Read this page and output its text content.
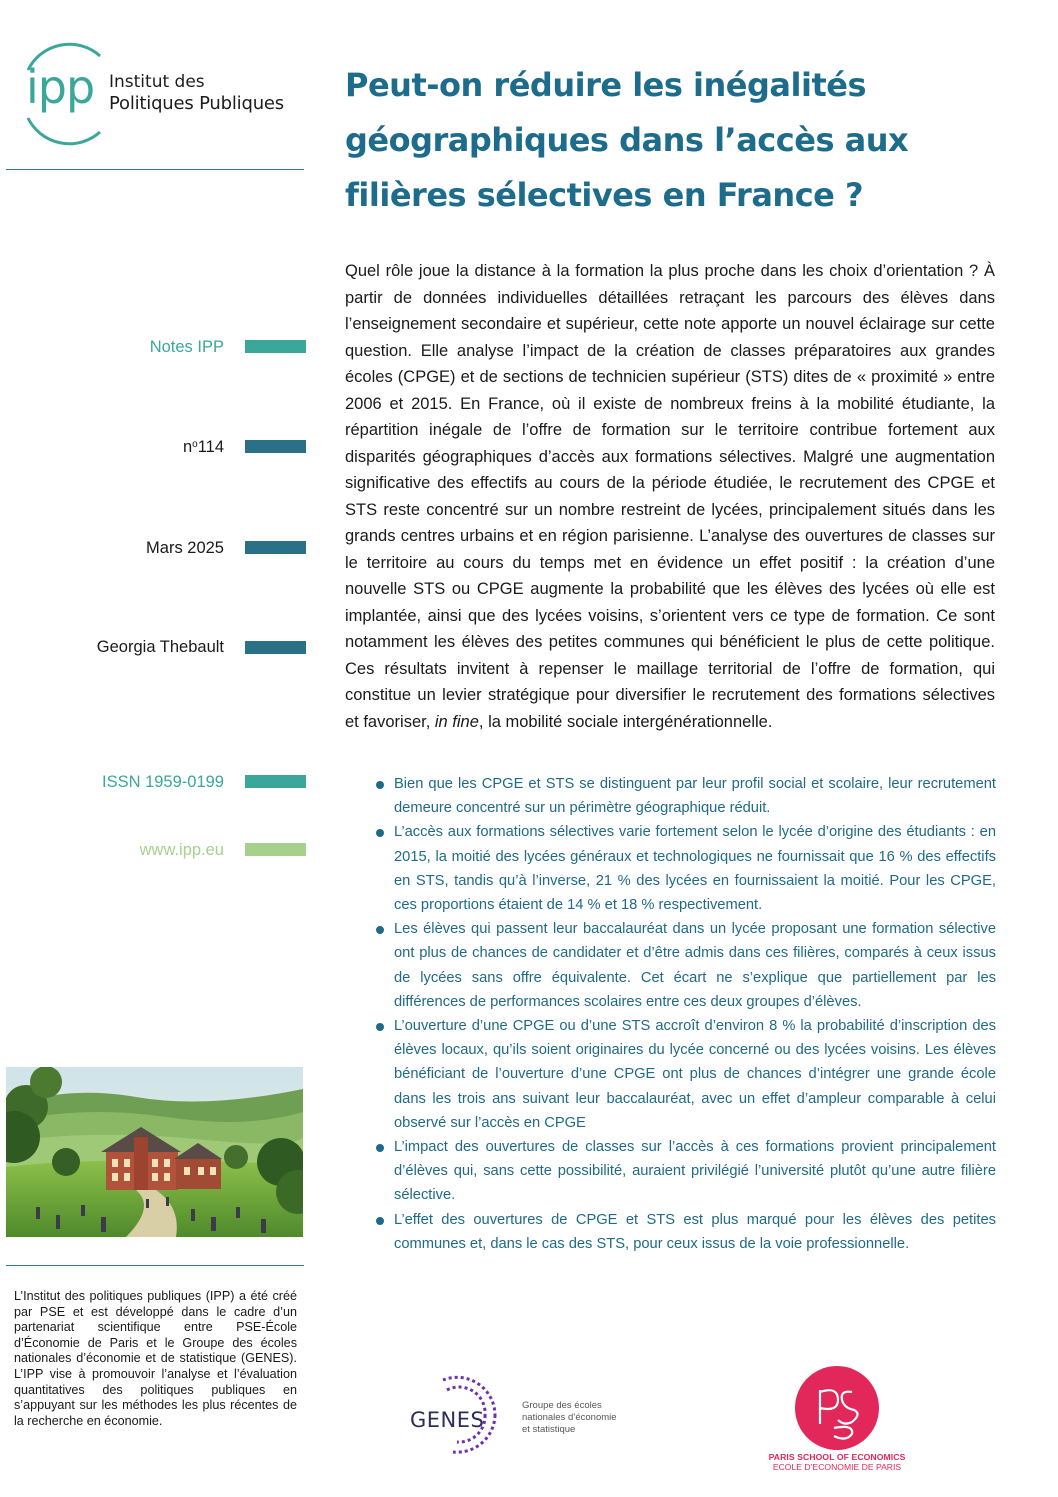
ipp Institut des
Politiques Publiques Peut-on réduire les inégalités géographiques dans l’accès aux filières sélectives en France ?

Quel rôle joue la distance à la formation la plus proche dans les choix d’orientation ? À partir de données individuelles détaillées retraçant les parcours des élèves dans l’enseignement secondaire et supérieur, cette note apporte un nouvel éclairage sur cette question. Elle analyse l’impact de la création de classes préparatoires aux grandes écoles (CPGE) et de sections de technicien supérieur (STS) dites de « proximité » entre 2006 et 2015. En France, où il existe de nombreux freins à la mobilité étudiante, la répartition inégale de l’offre de formation sur le territoire contribue fortement aux disparités géographiques d’accès aux formations sélectives. Malgré une augmentation significative des effectifs au cours de la période étudiée, le recrutement des CPGE et STS reste concentré sur un nombre restreint de lycées, principalement situés dans les grands centres urbains et en région parisienne. L’analyse des ouvertures de classes sur le territoire au cours du temps met en évidence un effet positif : la création d’une nouvelle STS ou CPGE augmente la probabilité que les élèves des lycées où elle est implantée, ainsi que des lycées voisins, s’orientent vers ce type de formation. Ce sont notamment les élèves des petites communes qui bénéficient le plus de cette politique. Ces résultats invitent à repenser le maillage territorial de l’offre de formation, qui constitue un levier stratégique pour diversifier le recrutement des formations sélectives et favoriser, in fine, la mobilité sociale intergénérationnelle.

Notes IPP
$n^o114$
Mars 2025
Georgia Thebault
ISSN 1959-0199
www.ipp.eu
Bien que les CPGE et STS se distinguent par leur profil social et scolaire, leur recrutement demeure concentré sur un périmètre géographique réduit.
L’accès aux formations sélectives varie fortement selon le lycée d’origine des étudiants : en 2015, la moitié des lycées généraux et technologiques ne fournissait que 16 % des effectifs en STS, tandis qu’à l’inverse, 21 % des lycées en fournissaient la moitié. Pour les CPGE, ces proportions étaient de 14 % et 18 % respectivement.
Les élèves qui passent leur baccalauréat dans un lycée proposant une formation sélective ont plus de chances de candidater et d’être admis dans ces filières, comparés à ceux issus de lycées sans offre équivalente. Cet écart ne s’explique que partiellement par les différences de performances scolaires entre ces deux groupes d’élèves.
L’ouverture d’une CPGE ou d’une STS accroît d’environ 8 % la probabilité d’inscription des élèves locaux, qu’ils soient originaires du lycée concerné ou des lycées voisins. Les élèves bénéficiant de l’ouverture d’une CPGE ont plus de chances d’intégrer une grande école dans les trois ans suivant leur baccalauréat, avec un effet d’ampleur comparable à celui observé sur l’accès en CPGE
L’impact des ouvertures de classes sur l’accès à ces formations provient principalement d’élèves qui, sans cette possibilité, auraient privilégié l’université plutôt qu’une autre filière sélective.
L’effet des ouvertures de CPGE et STS est plus marqué pour les élèves des petites communes et, dans le cas des STS, pour ceux issus de la voie professionnelle.

L’Institut des politiques publiques (IPP) a été créé par PSE et est développé dans le cadre d’un partenariat scientifique entre PSE-École d’Économie de Paris et le Groupe des écoles nationales d’économie et de statistique (GENES). L’IPP vise à promouvoir l’analyse et l’évaluation quantitatives des politiques publiques en s’appuyant sur les méthodes les plus récentes de la recherche en économie.	GENES
Groupe des écoles
nationales d’économie
et statistique
PARIS SCHOOL OF ECONOMICS
ECOLE D’ECONOMIE DE PARIS
